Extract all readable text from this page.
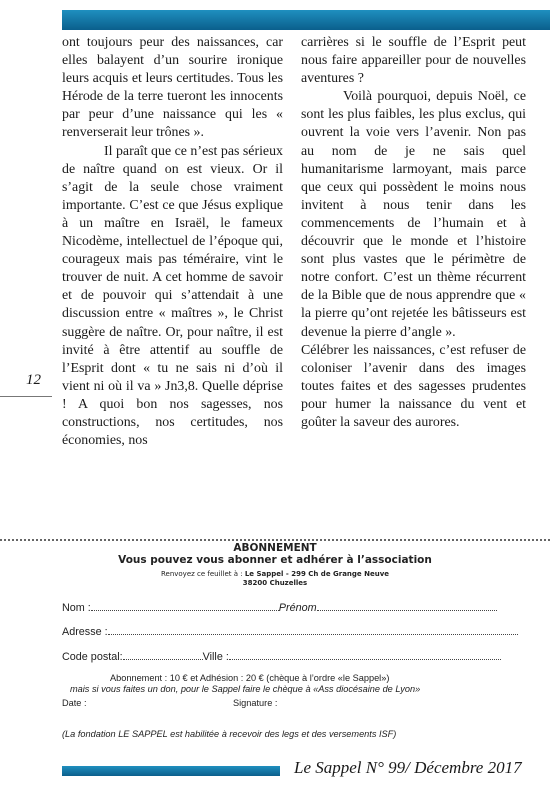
ont toujours peur des naissances, car elles balayent d’un sourire ironique leurs acquis et leurs certitudes. Tous les Hérode de la terre tueront les innocents par peur d’une naissance qui les « renverserait leur trônes ».

Il paraît que ce n’est pas sérieux de naître quand on est vieux. Or il s’agit de la seule chose vraiment importante. C’est ce que Jésus explique à un maître en Israël, le fameux Nicodème, intellectuel de l’époque qui, courageux mais pas téméraire, vint le trouver de nuit. A cet homme de savoir et de pouvoir qui s’attendait à une discussion entre « maîtres », le Christ suggère de naître. Or, pour naître, il est invité à être attentif au souffle de l’Esprit dont « tu ne sais ni d’où il vient ni où il va » Jn3,8. Quelle déprise ! A quoi bon nos sagesses, nos constructions, nos certitudes, nos économies, nos

carrières si le souffle de l’Esprit peut nous faire appareiller pour de nouvelles aventures ?

Voilà pourquoi, depuis Noël, ce sont les plus faibles, les plus exclus, qui ouvrent la voie vers l’avenir. Non pas au nom de je ne sais quel humanitarisme larmoyant, mais parce que ceux qui possèdent le moins nous invitent à nous tenir dans les commencements de l’humain et à découvrir que le monde et l’histoire sont plus vastes que le périmètre de notre confort. C’est un thème récurrent de la Bible que de nous apprendre que « la pierre qu’ont rejetée les bâtisseurs est devenue la pierre d’angle ».

Célébrer les naissances, c’est refuser de coloniser l’avenir dans des images toutes faites et des sagesses prudentes pour humer la naissance du vent et goûter la saveur des aurores.

12
ABONNEMENT
Vous pouvez vous abonner et adhérer à l’association
Renvoyez ce feuillet à : Le Sappel - 299 Ch de Grange Neuve
38200 Chuzelles
Nom :	Prénom
Adresse :
Code postal:	Ville :
Abonnement : 10 € et Adhésion : 20 € (chèque à l’ordre «le Sappel»)
mais si vous faites un don, pour le Sappel faire le chèque à «Ass diocésaine de Lyon»
Date :	Signature :
(La fondation LE SAPPEL est habilitée à recevoir des legs et des versements ISF)
Le Sappel N° 99/ Décembre 2017
